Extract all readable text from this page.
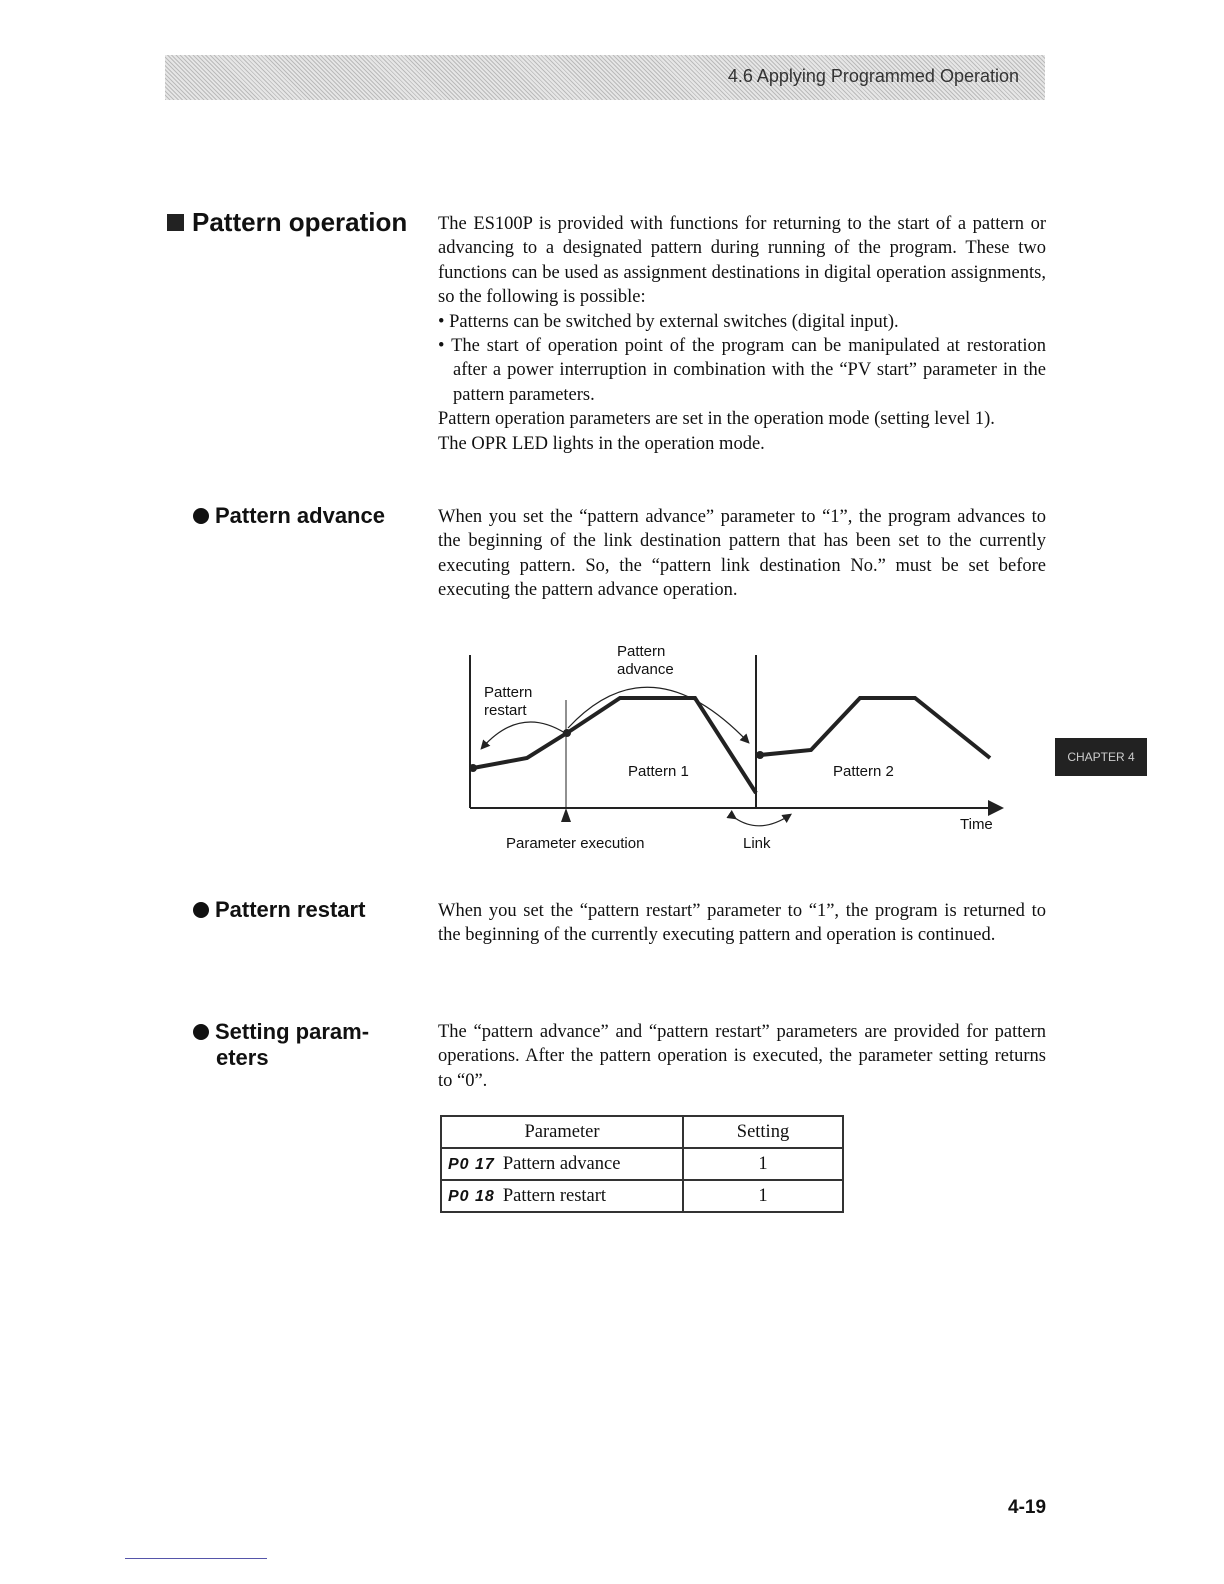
4.6 Applying Programmed Operation
Pattern operation The ES100P is provided with functions for returning to the start of a pattern or advancing to a designated pattern during running of the program. These two functions can be used as assignment destinations in digital operation assignments, so the following is possible:

• Patterns can be switched by external switches (digital input).

• The start of operation point of the program can be manipulated at restoration after a power interruption in combination with the “PV start” parameter in the pattern parameters.

Pattern operation parameters are set in the operation mode (setting level 1).

The OPR LED lights in the operation mode.

Pattern advance	When you set the “pattern advance” parameter to “1”, the program advances to the beginning of the link destination pattern that has been set to the currently executing pattern. So, the “pattern link destination No.” must be set before executing the pattern advance operation.
Pattern
advance
Pattern
restart
Pattern 1	Pattern 2
Time
Parameter execution	Link
Pattern restart	When you set the “pattern restart” parameter to “1”, the program is returned to the beginning of the currently executing pattern and operation is continued.
Setting param-
eters
The “pattern advance” and “pattern restart” parameters are provided for pattern operations. After the pattern operation is executed, the parameter setting returns to “0”.
Parameter	Setting
P0 17 Pattern advance	1
P0 18 Pattern restart	1
CHAPTER 4
4-19
